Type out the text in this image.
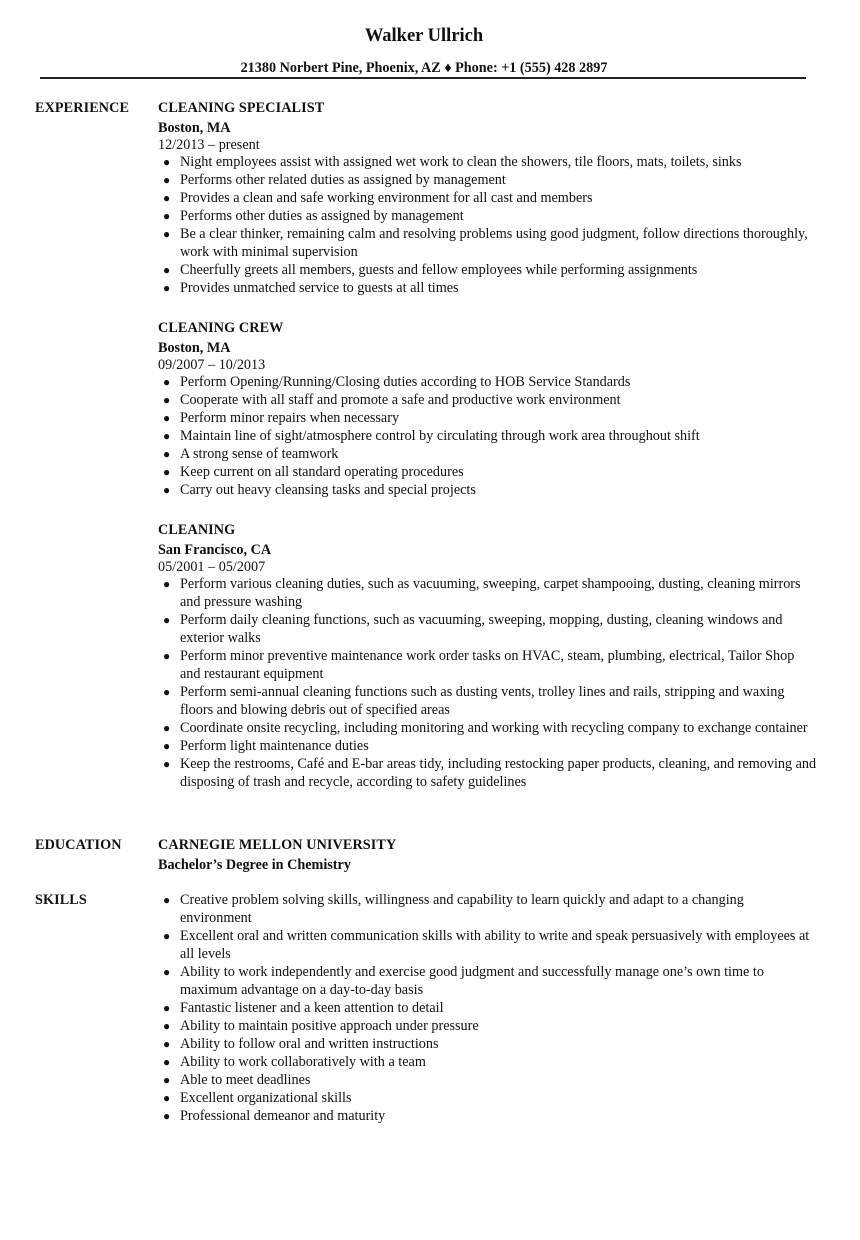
Walker Ullrich
21380 Norbert Pine, Phoenix, AZ ♦ Phone: +1 (555) 428 2897
EXPERIENCE CLEANING SPECIALIST
Boston, MA
12/2013 – present
● Night employees assist with assigned wet work to clean the showers, tile floors, mats, toilets, sinks
● Performs other related duties as assigned by management
● Provides a clean and safe working environment for all cast and members
● Performs other duties as assigned by management
● Be a clear thinker, remaining calm and resolving problems using good judgment, follow directions thoroughly, work with minimal supervision
● Cheerfully greets all members, guests and fellow employees while performing assignments
● Provides unmatched service to guests at all times
CLEANING CREW
Boston, MA
09/2007 – 10/2013
● Perform Opening/Running/Closing duties according to HOB Service Standards
● Cooperate with all staff and promote a safe and productive work environment
● Perform minor repairs when necessary
● Maintain line of sight/atmosphere control by circulating through work area throughout shift
● A strong sense of teamwork
● Keep current on all standard operating procedures
● Carry out heavy cleansing tasks and special projects
CLEANING
San Francisco, CA
05/2001 – 05/2007
● Perform various cleaning duties, such as vacuuming, sweeping, carpet shampooing, dusting, cleaning mirrors and pressure washing
● Perform daily cleaning functions, such as vacuuming, sweeping, mopping, dusting, cleaning windows and exterior walks
● Perform minor preventive maintenance work order tasks on HVAC, steam, plumbing, electrical, Tailor Shop and restaurant equipment
● Perform semi-annual cleaning functions such as dusting vents, trolley lines and rails, stripping and waxing floors and blowing debris out of specified areas
● Coordinate onsite recycling, including monitoring and working with recycling company to exchange container
● Perform light maintenance duties
● Keep the restrooms, Café and E-bar areas tidy, including restocking paper products, cleaning, and removing and disposing of trash and recycle, according to safety guidelines
EDUCATION	CARNEGIE MELLON UNIVERSITY
Bachelor’s Degree in Chemistry
SKILLS	● Creative problem solving skills, willingness and capability to learn quickly and adapt to a changing environment
● Excellent oral and written communication skills with ability to write and speak persuasively with employees at all levels
● Ability to work independently and exercise good judgment and successfully manage one’s own time to maximum advantage on a day-to-day basis
● Fantastic listener and a keen attention to detail
● Ability to maintain positive approach under pressure
● Ability to follow oral and written instructions
● Ability to work collaboratively with a team
● Able to meet deadlines
● Excellent organizational skills
● Professional demeanor and maturity
